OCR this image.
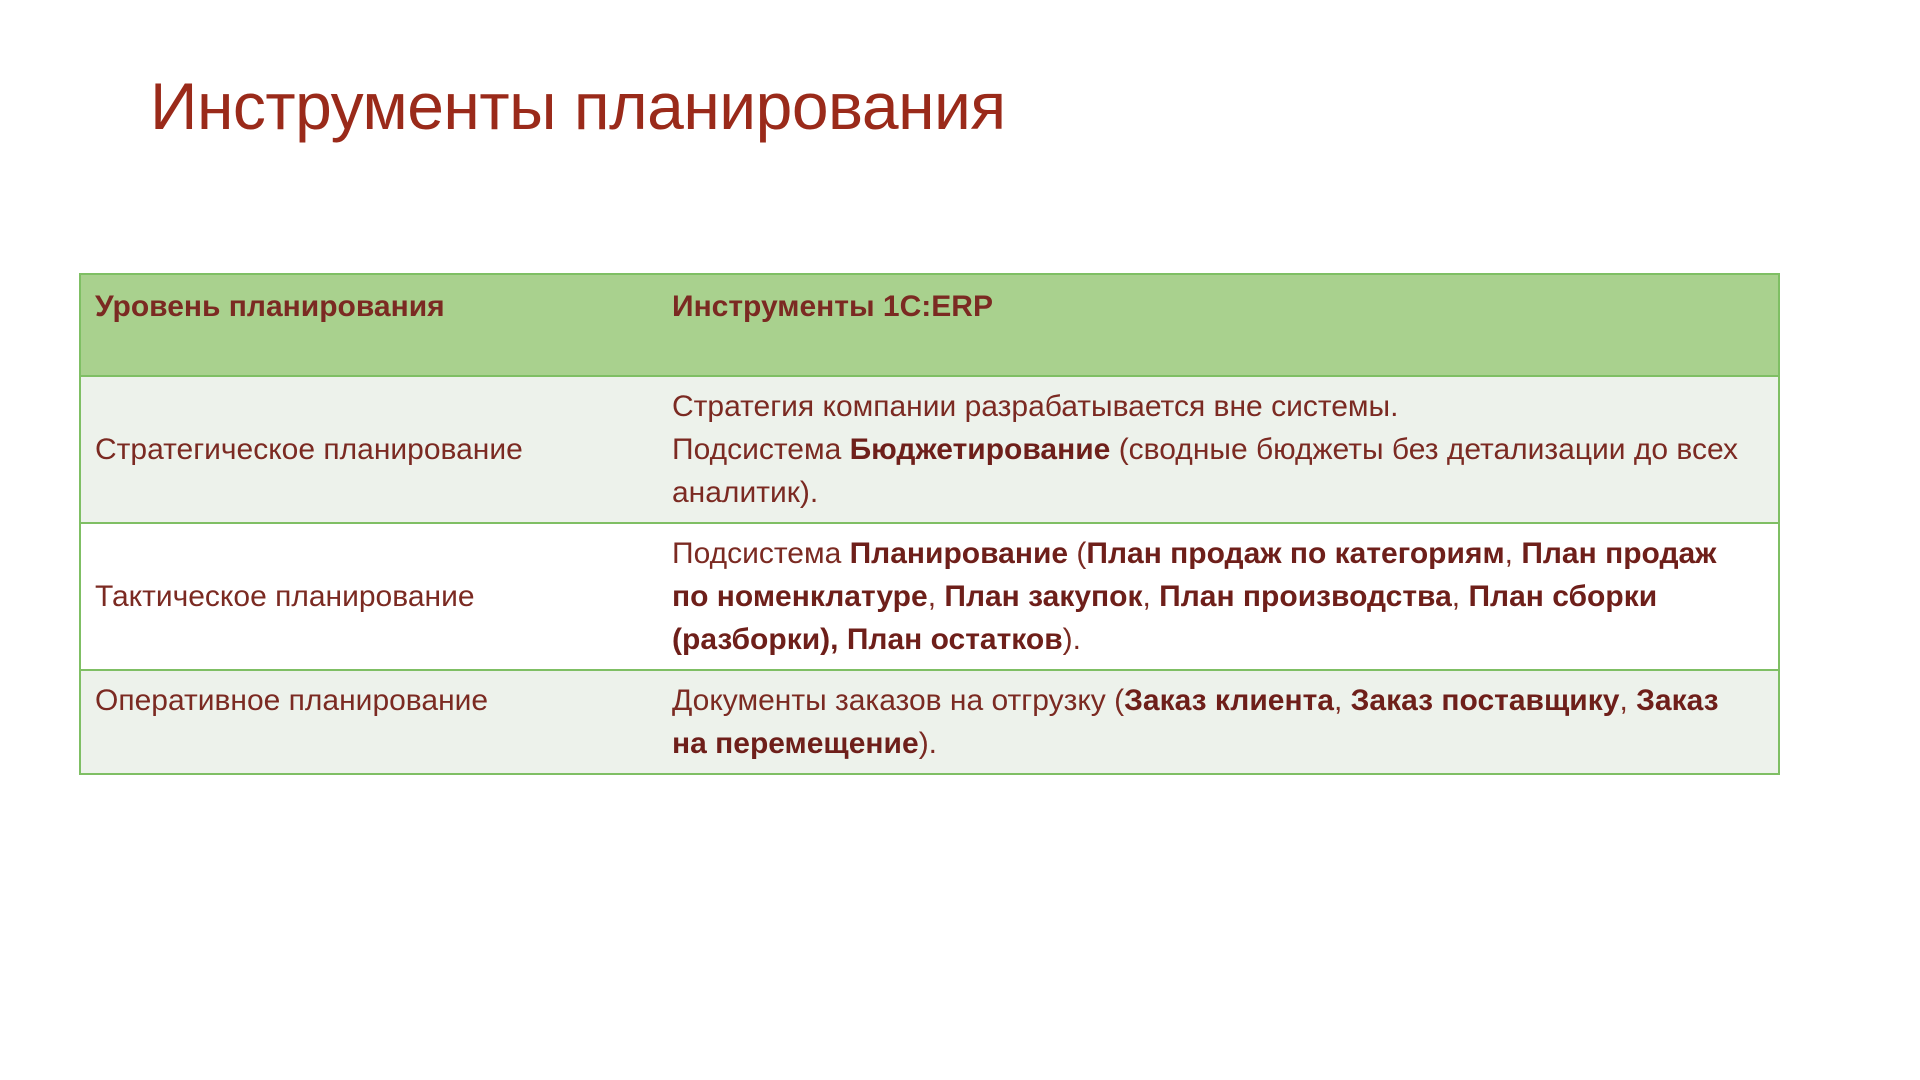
Инструменты планирования
Уровень планирования	Инструменты 1С:ERP
Стратегическое планирование	Стратегия компании разрабатывается вне системы.
Подсистема Бюджетирование (сводные бюджеты без детализации до всех аналитик).
Тактическое планирование	Подсистема Планирование (План продаж по категориям, План продаж по номенклатуре, План закупок, План производства, План сборки (разборки), План остатков).
Оперативное планирование	Документы заказов на отгрузку (Заказ клиента, Заказ поставщику, Заказ на перемещение).
